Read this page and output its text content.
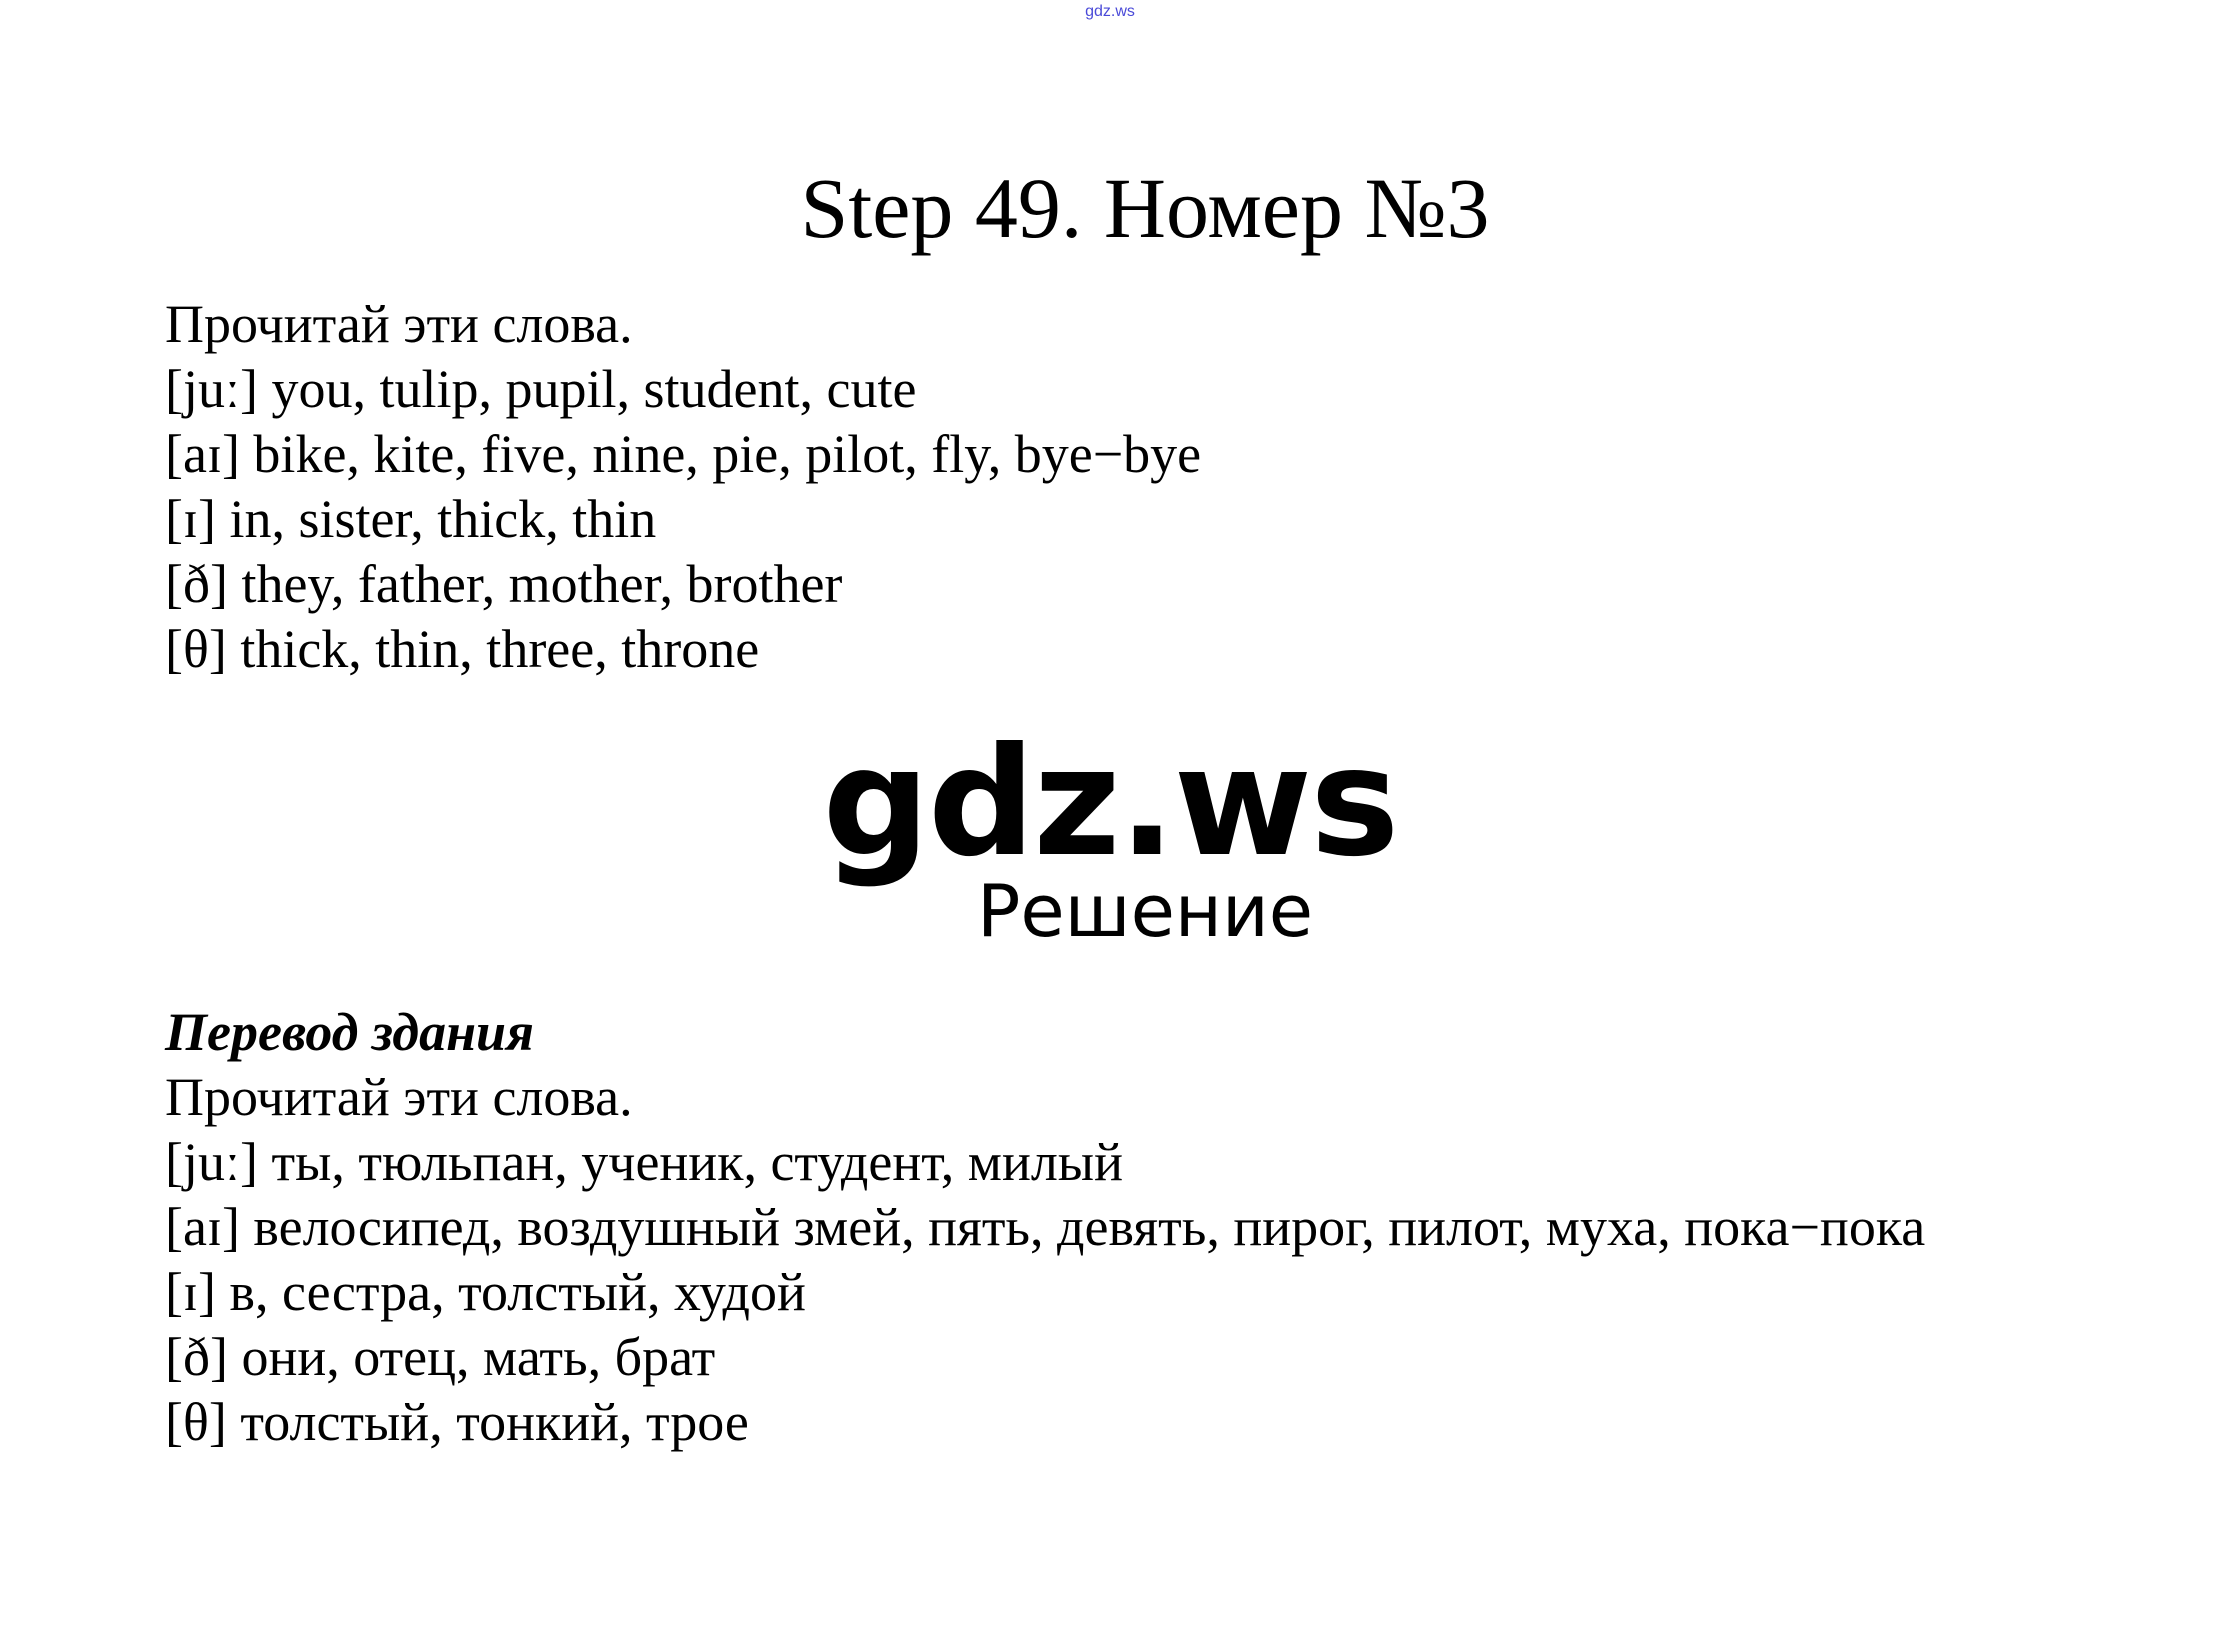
gdz.ws
Step 49. Номер №3
Прочитай эти слова.
[juː] you, tulip, pupil, student, cute
[aɪ] bike, kite, five, nine, pie, pilot, fly, bye−bye
[ɪ] in, sister, thick, thin
[ð] they, father, mother, brother
[θ] thick, thin, three, throne
gdz.ws
Решение
Перевод здания
Прочитай эти слова.
[juː] ты, тюльпан, ученик, студент, милый
[aɪ] велосипед, воздушный змей, пять, девять, пирог, пилот, муха, пока−пока
[ɪ] в, сестра, толстый, худой
[ð] они, отец, мать, брат
[θ] толстый, тонкий, трое
